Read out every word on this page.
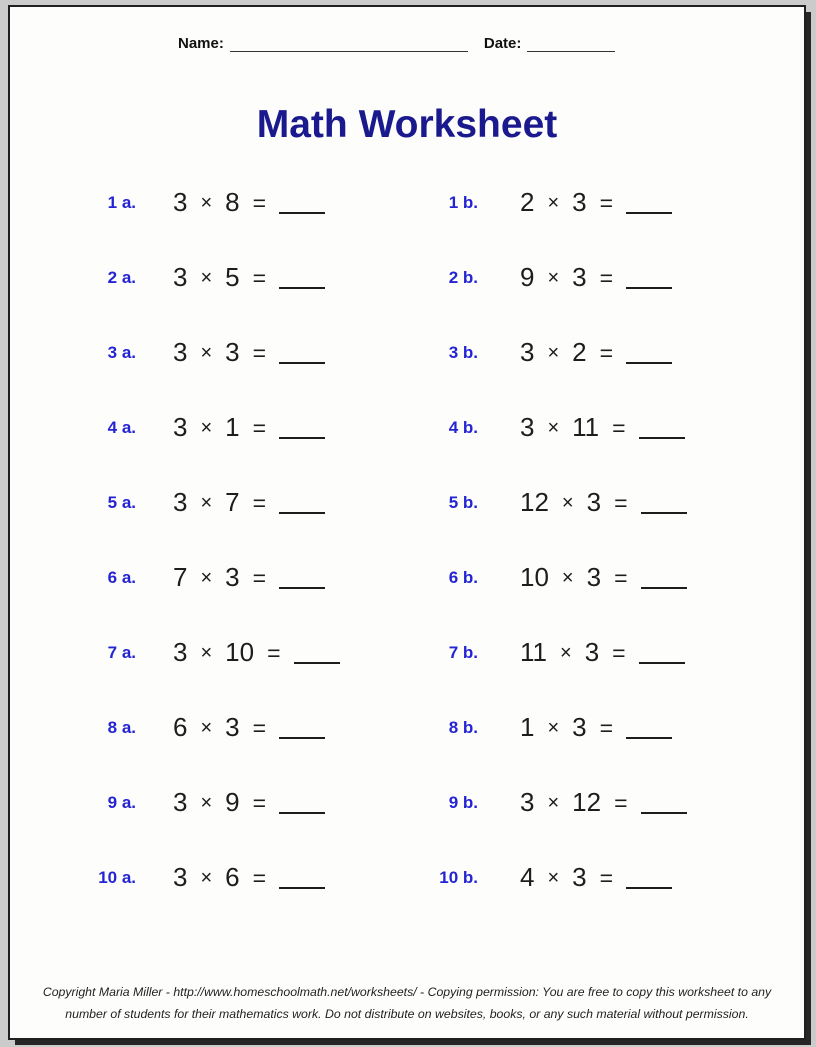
Name:	Date:
Math Worksheet
1 a. 3 × 8 =	1 b. 2 × 3 =
2 a. 3 × 5 =	2 b. 9 × 3 =
3 a. 3 × 3 =	3 b. 3 × 2 =
4 a. 3 × 1 =	4 b. 3 × 11 =
5 a. 3 × 7 =	5 b. 12 × 3 =
6 a. 7 × 3 =	6 b. 10 × 3 =
7 a. 3 × 10 =	7 b. 11 × 3 =
8 a. 6 × 3 =	8 b. 1 × 3 =
9 a. 3 × 9 =	9 b. 3 × 12 =
10 a. 3 × 6 =	10 b. 4 × 3 =
Copyright Maria Miller - http://www.homeschoolmath.net/worksheets/ - Copying permission: You are free to copy this worksheet to any
number of students for their mathematics work. Do not distribute on websites, books, or any such material without permission.
